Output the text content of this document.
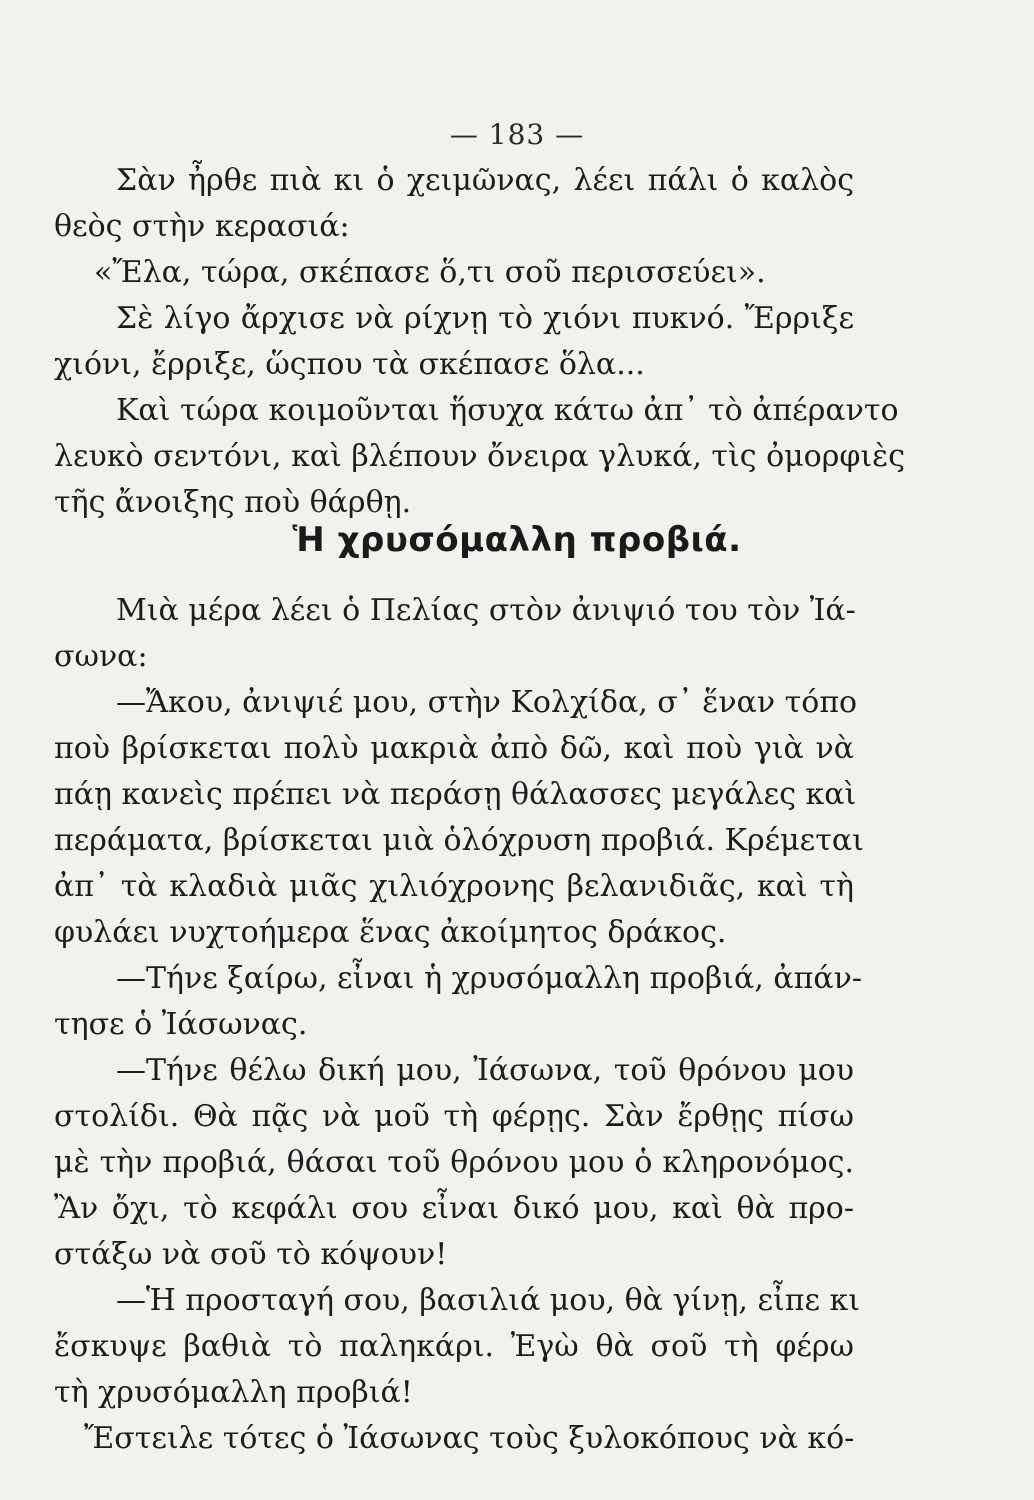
— 183 —
Σὰν ἦρθε πιὰ κι ὁ χειμῶνας, λέει πάλι ὁ καλὸς
θεὸς στὴν κερασιά:
«Ἔλα, τώρα, σκέπασε ὅ,τι σοῦ περισσεύει».
Σὲ λίγο ἄρχισε νὰ ρίχνῃ τὸ χιόνι πυκνό. Ἔρριξε
χιόνι, ἔρριξε, ὥςπου τὰ σκέπασε ὅλα...
Καὶ τώρα κοιμοῦνται ἥσυχα κάτω ἀπ᾽ τὸ ἀπέραντο
λευκὸ σεντόνι, καὶ βλέπουν ὄνειρα γλυκά, τὶς ὀμορφιὲς
τῆς ἄνοιξης ποὺ θάρθῃ.
Ἡ χρυσόμαλλη προβιά.
Μιὰ μέρα λέει ὁ Πελίας στὸν ἀνιψιό του τὸν Ἰά-
σωνα:
—Ἄκου, ἀνιψιέ μου, στὴν Κολχίδα, σ᾽ ἕναν τόπο
ποὺ βρίσκεται πολὺ μακριὰ ἀπὸ δῶ, καὶ ποὺ γιὰ νὰ
πάῃ κανεὶς πρέπει νὰ περάσῃ θάλασσες μεγάλες καὶ
περάματα, βρίσκεται μιὰ ὁλόχρυση προβιά. Κρέμεται
ἀπ᾽ τὰ κλαδιὰ μιᾶς χιλιόχρονης βελανιδιᾶς, καὶ τὴ
φυλάει νυχτοήμερα ἕνας ἀκοίμητος δράκος.
—Τήνε ξαίρω, εἶναι ἡ χρυσόμαλλη προβιά, ἀπάν-
τησε ὁ Ἰάσωνας.
—Τήνε θέλω δική μου, Ἰάσωνα, τοῦ θρόνου μου
στολίδι. Θὰ πᾷς νὰ μοῦ τὴ φέρῃς. Σὰν ἔρθῃς πίσω
μὲ τὴν προβιά, θάσαι τοῦ θρόνου μου ὁ κληρονόμος.
Ἂν ὄχι, τὸ κεφάλι σου εἶναι δικό μου, καὶ θὰ προ-
στάξω νὰ σοῦ τὸ κόψουν!
—Ἡ προσταγή σου, βασιλιά μου, θὰ γίνῃ, εἶπε κι
ἔσκυψε βαθιὰ τὸ παληκάρι. Ἐγὼ θὰ σοῦ τὴ φέρω
τὴ χρυσόμαλλη προβιά!
Ἔστειλε τότες ὁ Ἰάσωνας τοὺς ξυλοκόπους νὰ κό-
